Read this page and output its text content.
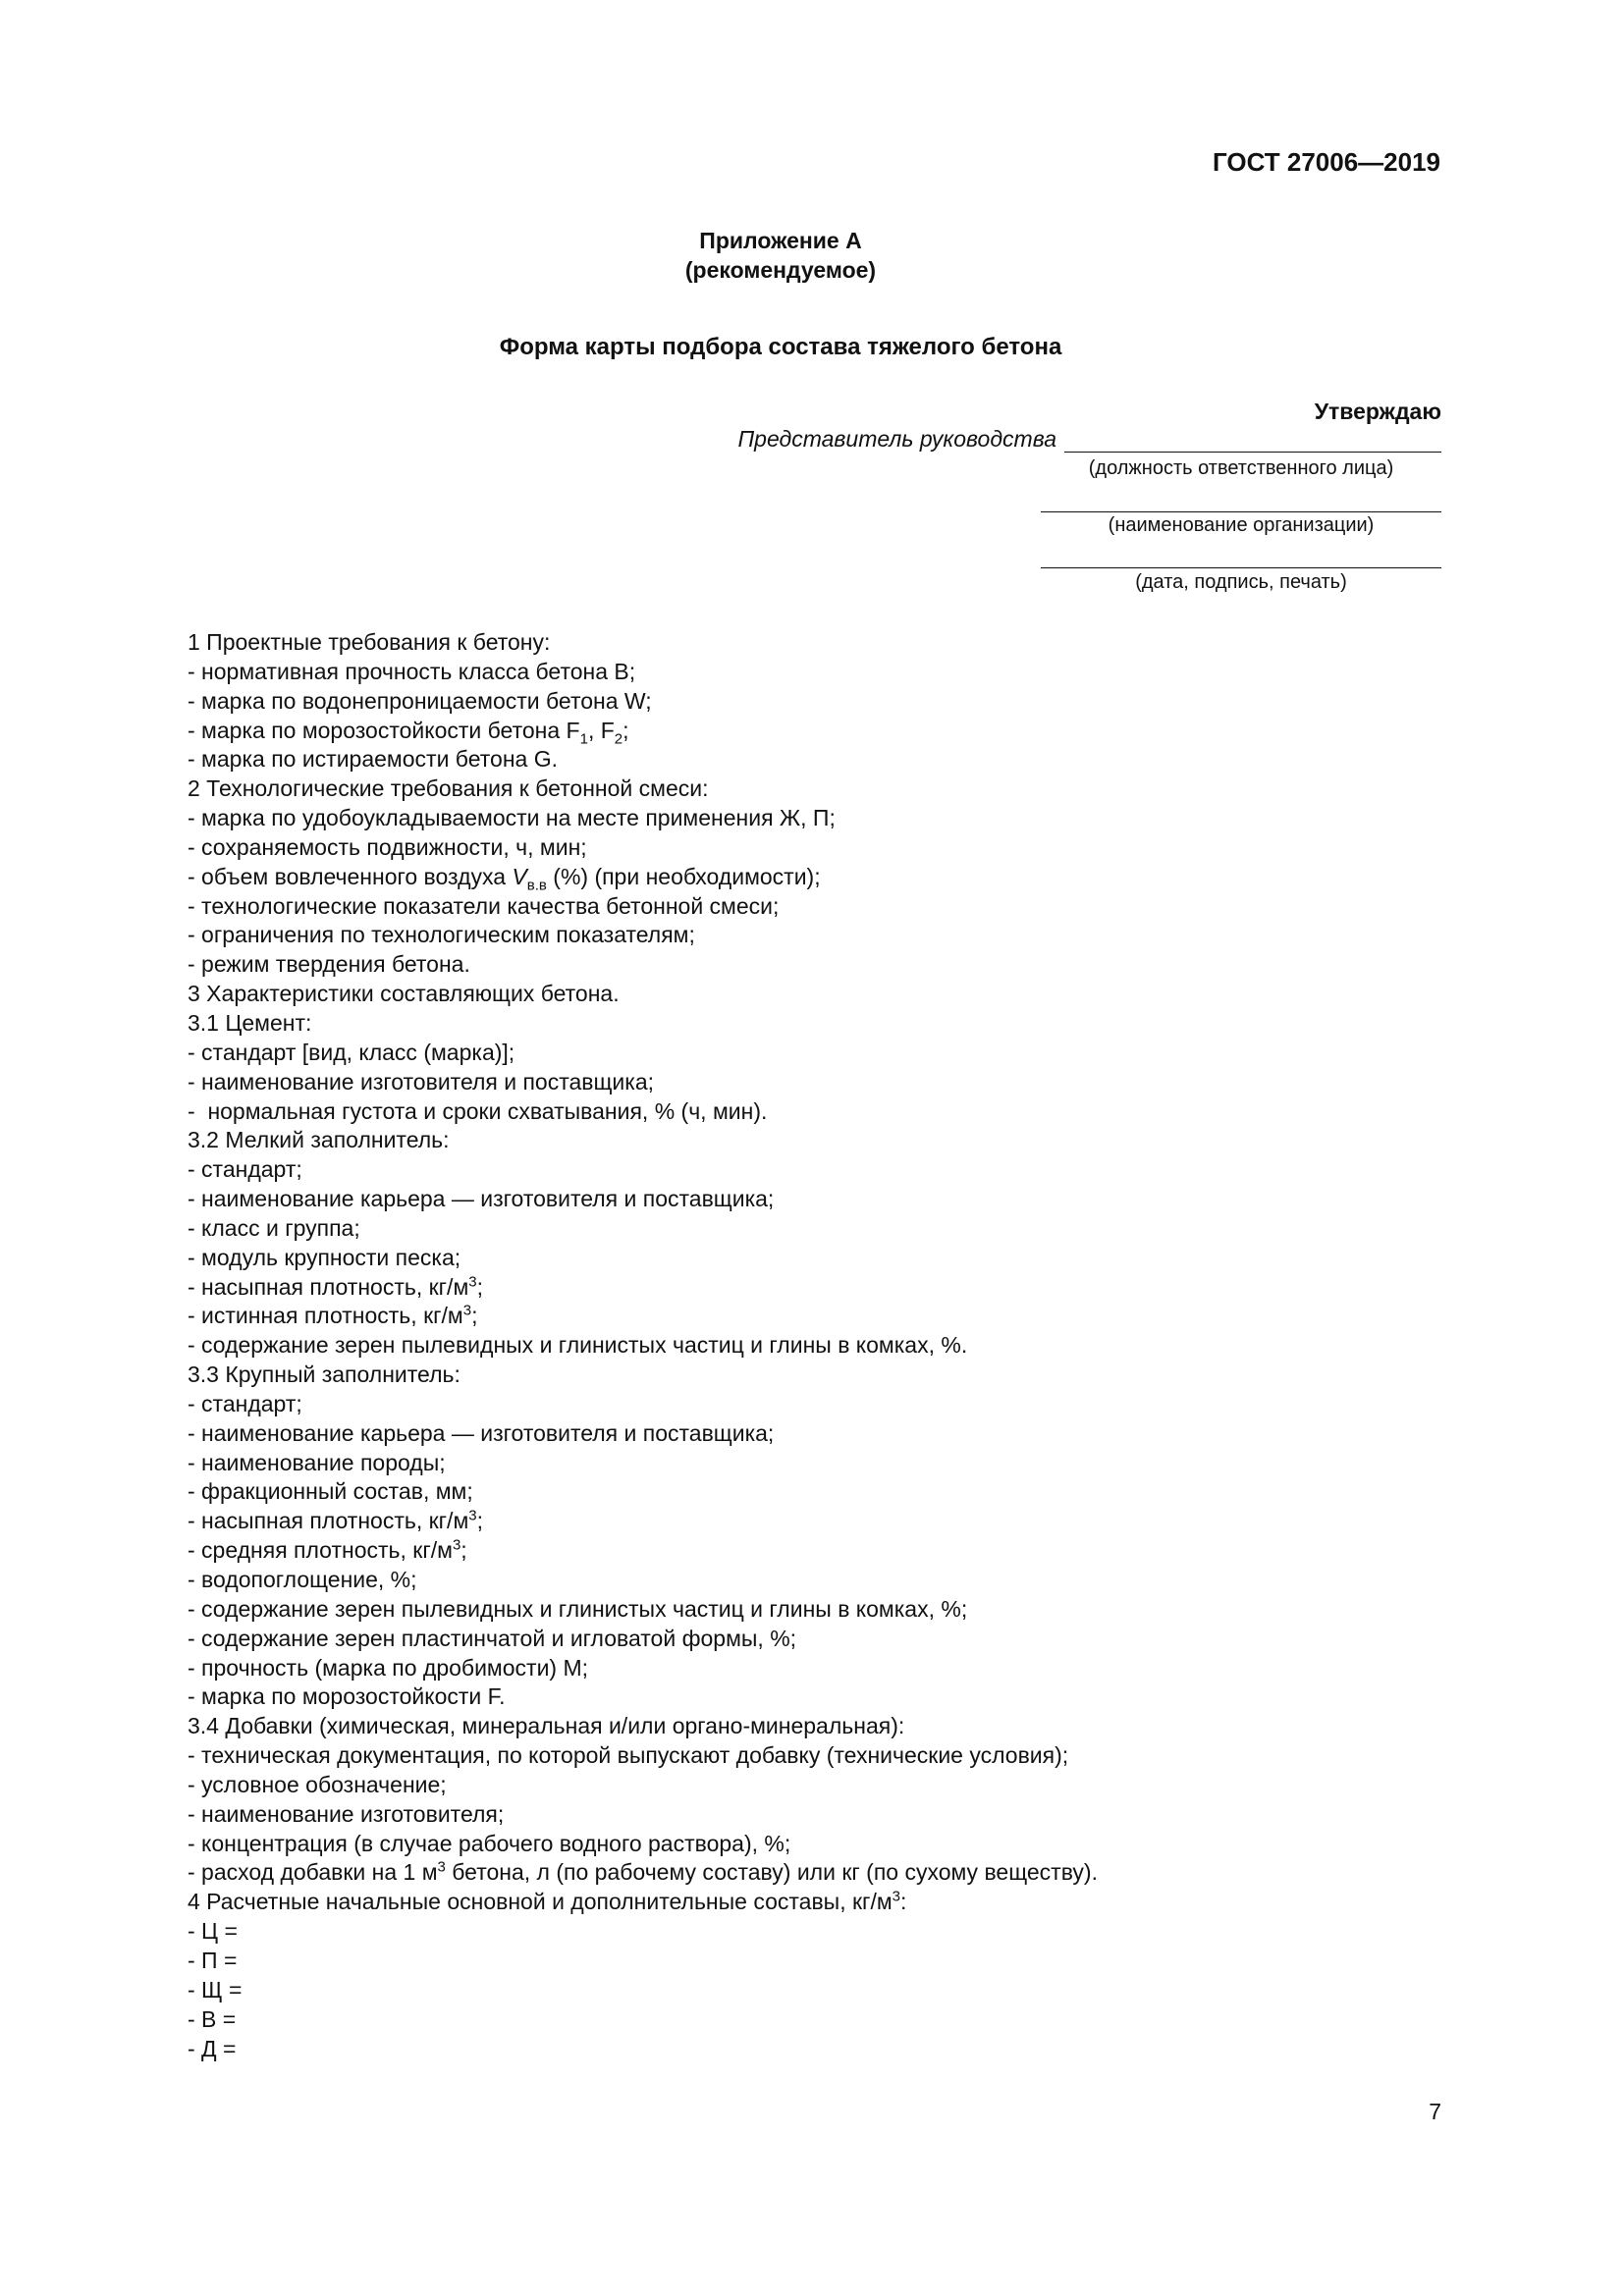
ГОСТ 27006—2019
Приложение А
(рекомендуемое)
Форма карты подбора состава тяжелого бетона
Утверждаю
Представитель руководства
(должность ответственного лица)
(наименование организации)
(дата, подпись, печать)
1 Проектные требования к бетону:
- нормативная прочность класса бетона B;
- марка по водонепроницаемости бетона W;
- марка по морозостойкости бетона $F_1$, $F_2$;
- марка по истираемости бетона G.
2 Технологические требования к бетонной смеси:
- марка по удобоукладываемости на месте применения Ж, П;
- сохраняемость подвижности, ч, мин;
- объем вовлеченного воздуха $V_{в.в}$ (%) (при необходимости);
- технологические показатели качества бетонной смеси;
- ограничения по технологическим показателям;
- режим твердения бетона.
3 Характеристики составляющих бетона.
3.1 Цемент:
- стандарт [вид, класс (марка)];
- наименование изготовителя и поставщика;
-  нормальная густота и сроки схватывания, % (ч, мин).
3.2 Мелкий заполнитель:
- стандарт;
- наименование карьера — изготовителя и поставщика;
- класс и группа;
- модуль крупности песка;
- насыпная плотность, $кг/м^3$;
- истинная плотность, $кг/м^3$;
- содержание зерен пылевидных и глинистых частиц и глины в комках, %.
3.3 Крупный заполнитель:
- стандарт;
- наименование карьера — изготовителя и поставщика;
- наименование породы;
- фракционный состав, мм;
- насыпная плотность, $кг/м^3$;
- средняя плотность, $кг/м^3$;
- водопоглощение, %;
- содержание зерен пылевидных и глинистых частиц и глины в комках, %;
- содержание зерен пластинчатой и игловатой формы, %;
- прочность (марка по дробимости) М;
- марка по морозостойкости F.
3.4 Добавки (химическая, минеральная и/или органо-минеральная):
- техническая документация, по которой выпускают добавку (технические условия);
- условное обозначение;
- наименование изготовителя;
- концентрация (в случае рабочего водного раствора), %;
- расход добавки на 1 $м^3$ бетона, л (по рабочему составу) или кг (по сухому веществу).
4 Расчетные начальные основной и дополнительные составы, $кг/м^3$:
- Ц =
- П =
- Щ =
- В =
- Д =
7
